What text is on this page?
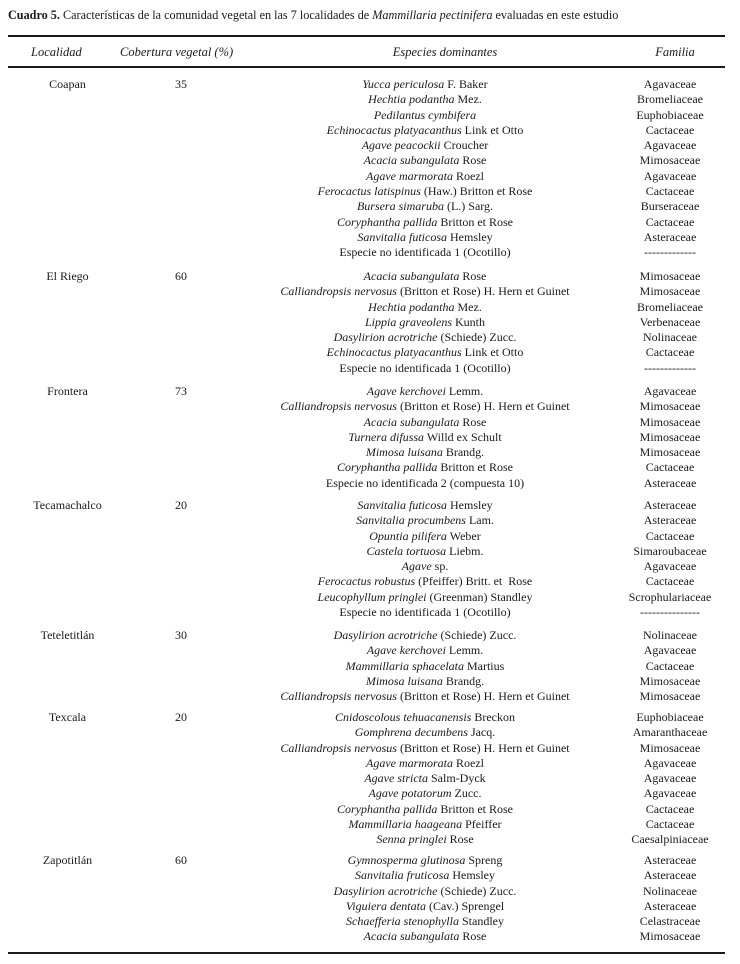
Cuadro 5. Características de la comunidad vegetal en las 7 localidades de Mammillaria pectinifera evaluadas en este estudio
Localidad	Cobertura vegetal (%)	Especies dominantes	Familia
Coapan	35	Yucca periculosa F. Baker	Agavaceae
Hechtia podantha Mez.	Bromeliaceae
Pedilantus cymbifera	Euphobiaceae
Echinocactus platyacanthus Link et Otto	Cactaceae
Agave peacockii Croucher	Agavaceae
Acacia subangulata Rose	Mimosaceae
Agave marmorata Roezl	Agavaceae
Ferocactus latispinus (Haw.) Britton et Rose	Cactaceae
Bursera simaruba (L.) Sarg.	Burseraceae
Coryphantha pallida Britton et Rose	Cactaceae
Sanvitalia futicosa Hemsley	Asteraceae
Especie no identificada 1 (Ocotillo)	-------------
El Riego	60	Acacia subangulata Rose	Mimosaceae
Calliandropsis nervosus (Britton et Rose) H. Hern et Guinet	Mimosaceae
Hechtia podantha Mez.	Bromeliaceae
Lippia graveolens Kunth	Verbenaceae
Dasylirion acrotriche (Schiede) Zucc.	Nolinaceae
Echinocactus platyacanthus Link et Otto	Cactaceae
Especie no identificada 1 (Ocotillo)	-------------
Frontera	73	Agave kerchovei Lemm.	Agavaceae
Calliandropsis nervosus (Britton et Rose) H. Hern et Guinet	Mimosaceae
Acacia subangulata Rose	Mimosaceae
Turnera difussa Willd ex Schult	Mimosaceae
Mimosa luisana Brandg.	Mimosaceae
Coryphantha pallida Britton et Rose	Cactaceae
Especie no identificada 2 (compuesta 10)	Asteraceae
Tecamachalco	20	Sanvitalia futicosa Hemsley	Asteraceae
Sanvitalia procumbens Lam.	Asteraceae
Opuntia pilifera Weber	Cactaceae
Castela tortuosa Liebm.	Simaroubaceae
Agave sp.	Agavaceae
Ferocactus robustus (Pfeiffer) Britt. et  Rose	Cactaceae
Leucophyllum pringlei (Greenman) Standley	Scrophulariaceae
Especie no identificada 1 (Ocotillo)	---------------
Teteletitlán	30	Dasylirion acrotriche (Schiede) Zucc.	Nolinaceae
Agave kerchovei Lemm.	Agavaceae
Mammillaria sphacelata Martius	Cactaceae
Mimosa luisana Brandg.	Mimosaceae
Calliandropsis nervosus (Britton et Rose) H. Hern et Guinet	Mimosaceae
Texcala	20	Cnidoscolous tehuacanensis Breckon	Euphobiaceae
Gomphrena decumbens Jacq.	Amaranthaceae
Calliandropsis nervosus (Britton et Rose) H. Hern et Guinet	Mimosaceae
Agave marmorata Roezl	Agavaceae
Agave stricta Salm-Dyck	Agavaceae
Agave potatorum Zucc.	Agavaceae
Coryphantha pallida Britton et Rose	Cactaceae
Mammillaria haageana Pfeiffer	Cactaceae
Senna pringlei Rose	Caesalpiniaceae
Zapotitlán	60	Gymnosperma glutinosa Spreng	Asteraceae
Sanvitalia fruticosa Hemsley	Asteraceae
Dasylirion acrotriche (Schiede) Zucc.	Nolinaceae
Viguiera dentata (Cav.) Sprengel	Asteraceae
Schaefferia stenophylla Standley	Celastraceae
Acacia subangulata Rose	Mimosaceae
